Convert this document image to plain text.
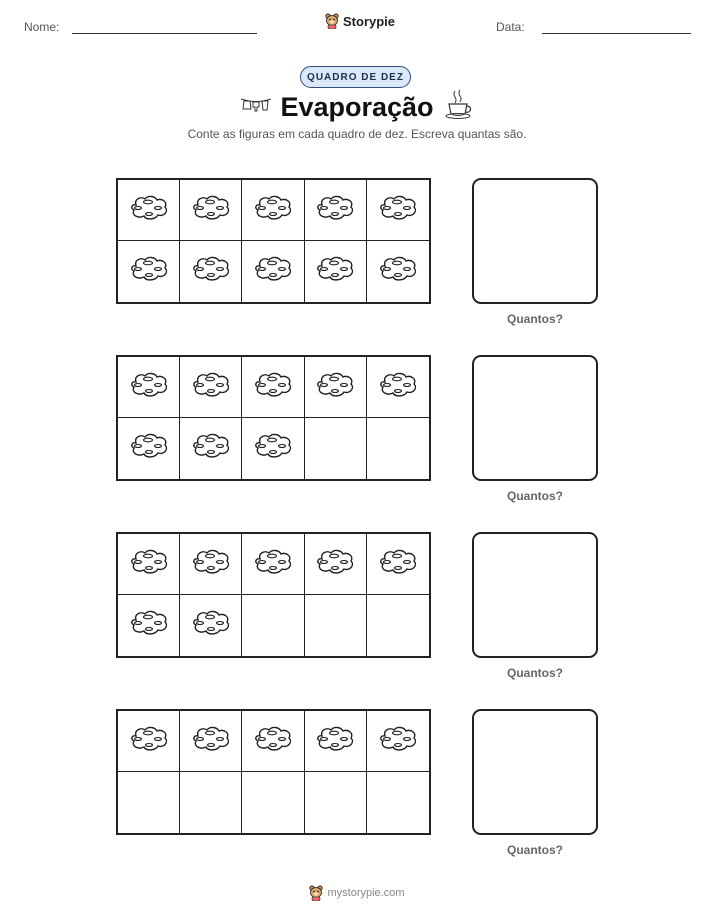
Nome:	Storypie	Data:
QUADRO DE DEZ
Evaporação
Conte as figuras em cada quadro de dez. Escreva quantas são.
Quantos?
Quantos?
Quantos?
Quantos?
mystorypie.com
